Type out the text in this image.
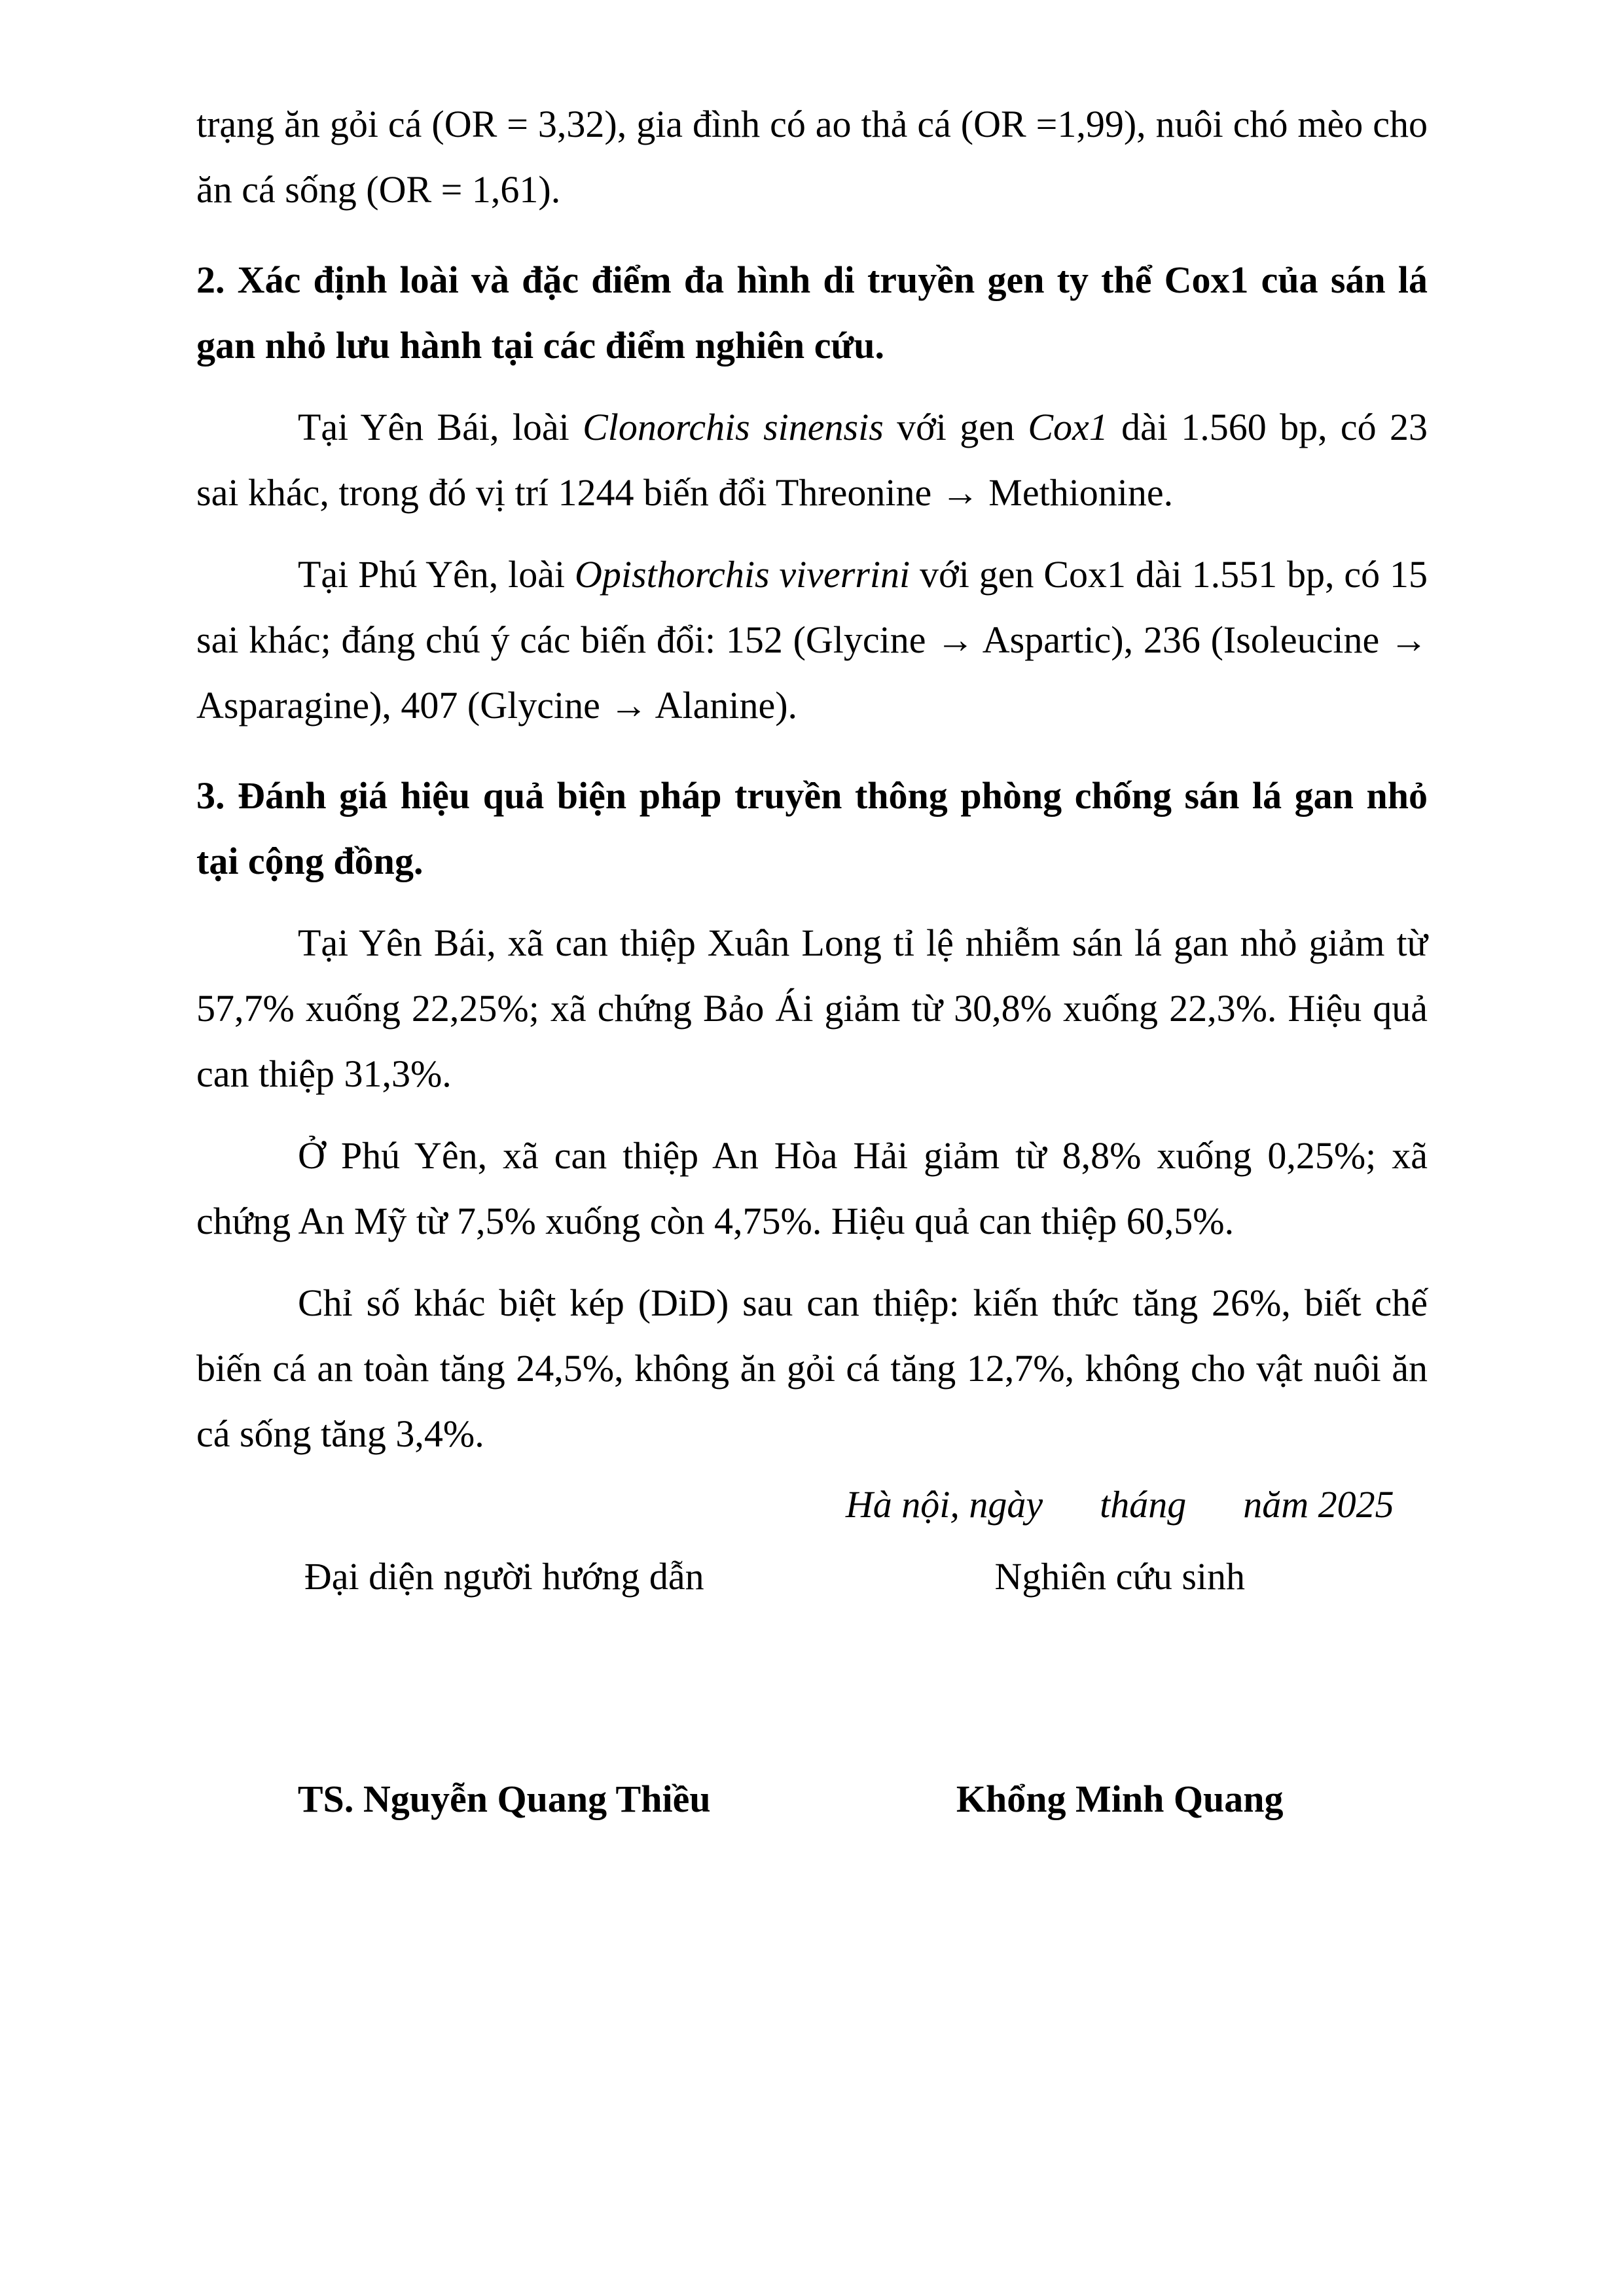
trạng ăn gỏi cá (OR = 3,32), gia đình có ao thả cá (OR =1,99), nuôi chó mèo cho ăn cá sống (OR = 1,61).

2. Xác định loài và đặc điểm đa hình di truyền gen ty thể Cox1 của sán lá gan nhỏ lưu hành tại các điểm nghiên cứu.

Tại Yên Bái, loài Clonorchis sinensis với gen Cox1 dài 1.560 bp, có 23 sai khác, trong đó vị trí 1244 biến đổi Threonine → Methionine.

Tại Phú Yên, loài Opisthorchis viverrini với gen Cox1 dài 1.551 bp, có 15 sai khác; đáng chú ý các biến đổi: 152 (Glycine → Aspartic), 236 (Isoleucine → Asparagine), 407 (Glycine → Alanine).

3. Đánh giá hiệu quả biện pháp truyền thông phòng chống sán lá gan nhỏ tại cộng đồng.

Tại Yên Bái, xã can thiệp Xuân Long tỉ lệ nhiễm sán lá gan nhỏ giảm từ 57,7% xuống 22,25%; xã chứng Bảo Ái giảm từ 30,8% xuống 22,3%. Hiệu quả can thiệp 31,3%.

Ở Phú Yên, xã can thiệp An Hòa Hải giảm từ 8,8% xuống 0,25%; xã chứng An Mỹ từ 7,5% xuống còn 4,75%. Hiệu quả can thiệp 60,5%.

Chỉ số khác biệt kép (DiD) sau can thiệp: kiến thức tăng 26%, biết chế biến cá an toàn tăng 24,5%, không ăn gỏi cá tăng 12,7%, không cho vật nuôi ăn cá sống tăng 3,4%.

Hà nội, ngày      tháng      năm 2025
Đại diện người hướng dẫn	Nghiên cứu sinh
TS. Nguyễn Quang Thiều	Khổng Minh Quang
